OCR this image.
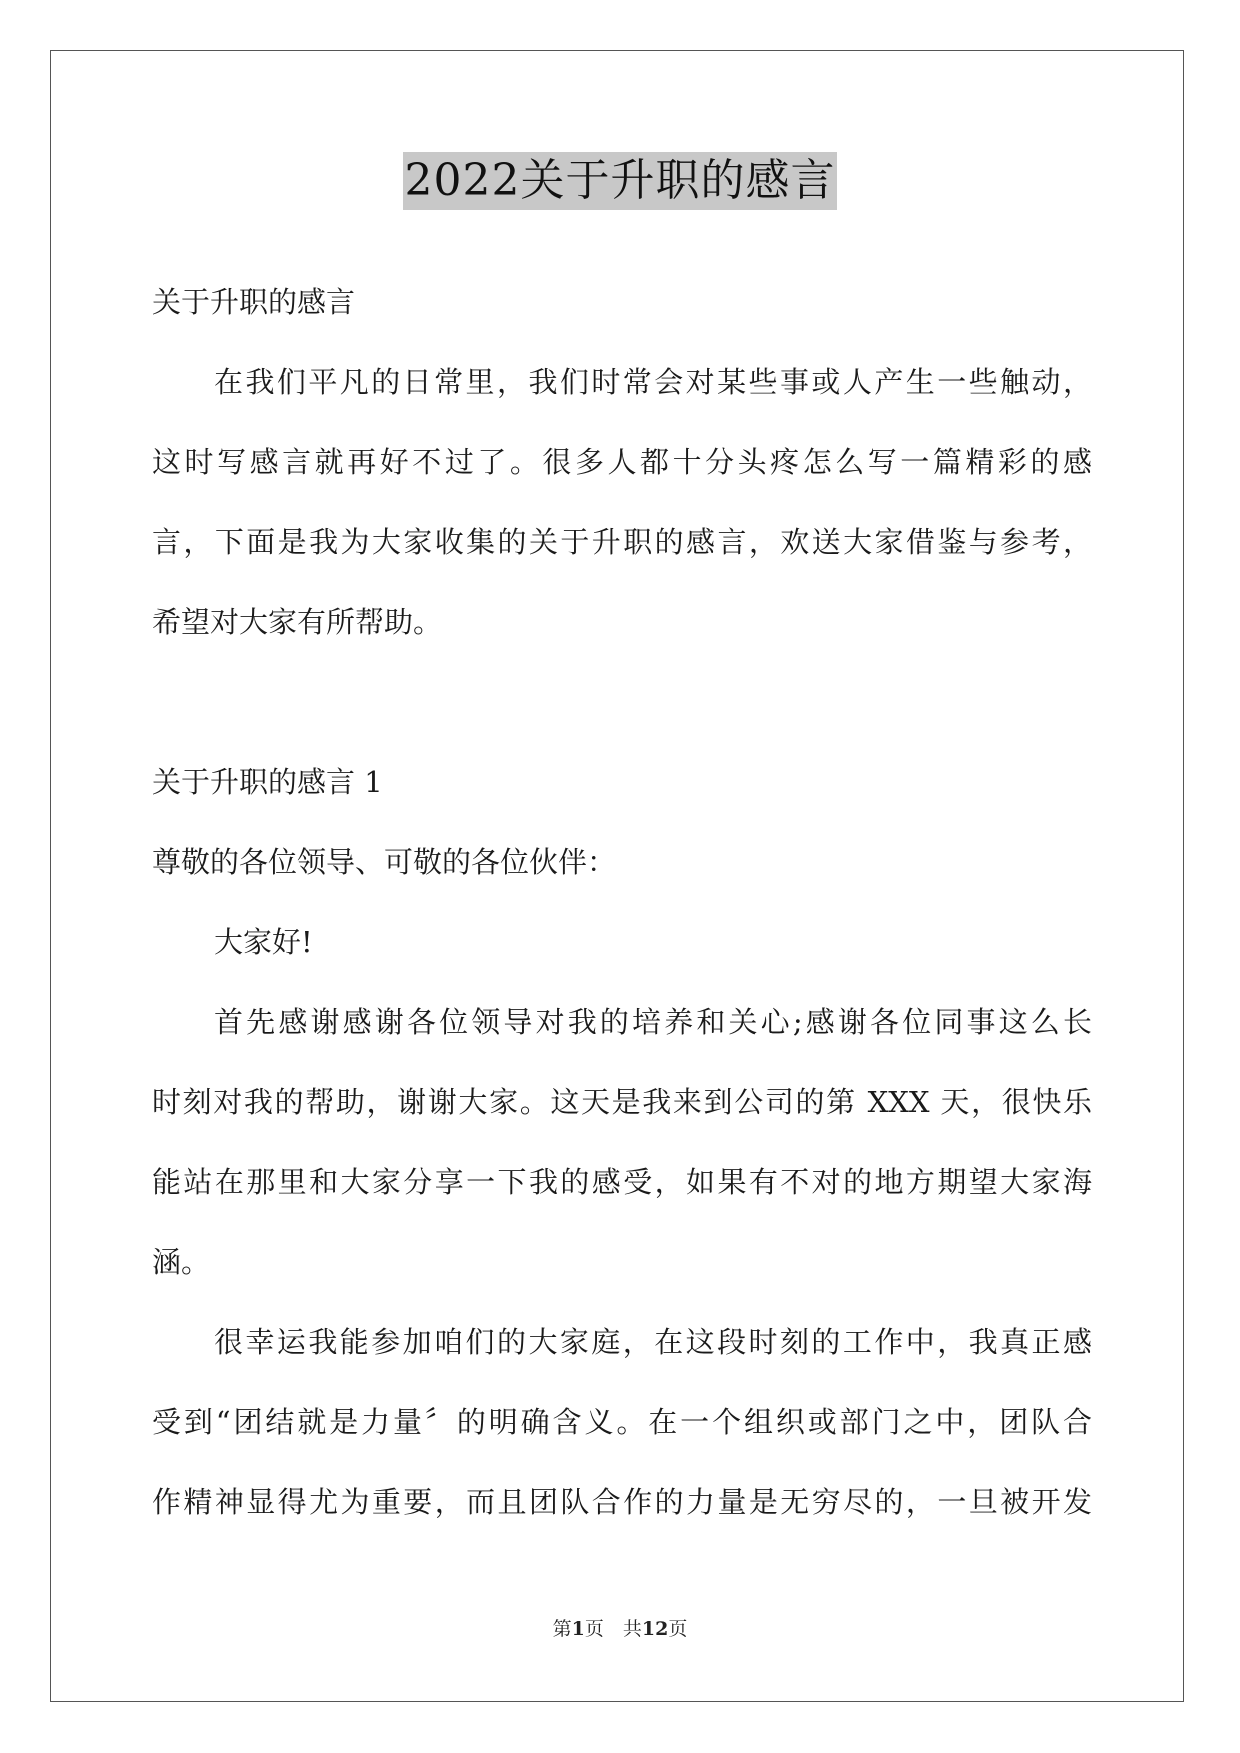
2022关于升职的感言
关于升职的感言
在我们平凡的日常里，我们时常会对某些事或人产生一些触动，
这时写感言就再好不过了。很多人都十分头疼怎么写一篇精彩的感
言，下面是我为大家收集的关于升职的感言，欢送大家借鉴与参考，
希望对大家有所帮助。
关于升职的感言 1
尊敬的各位领导、可敬的各位伙伴：
大家好!
首先感谢感谢各位领导对我的培养和关心;感谢各位同事这么长
时刻对我的帮助，谢谢大家。这天是我来到公司的第 XXX 天，很快乐
能站在那里和大家分享一下我的感受，如果有不对的地方期望大家海
涵。
很幸运我能参加咱们的大家庭，在这段时刻的工作中，我真正感
受到“团结就是力量〞的明确含义。在一个组织或部门之中，团队合
作精神显得尤为重要，而且团队合作的力量是无穷尽的，一旦被开发
第1页　共12页
